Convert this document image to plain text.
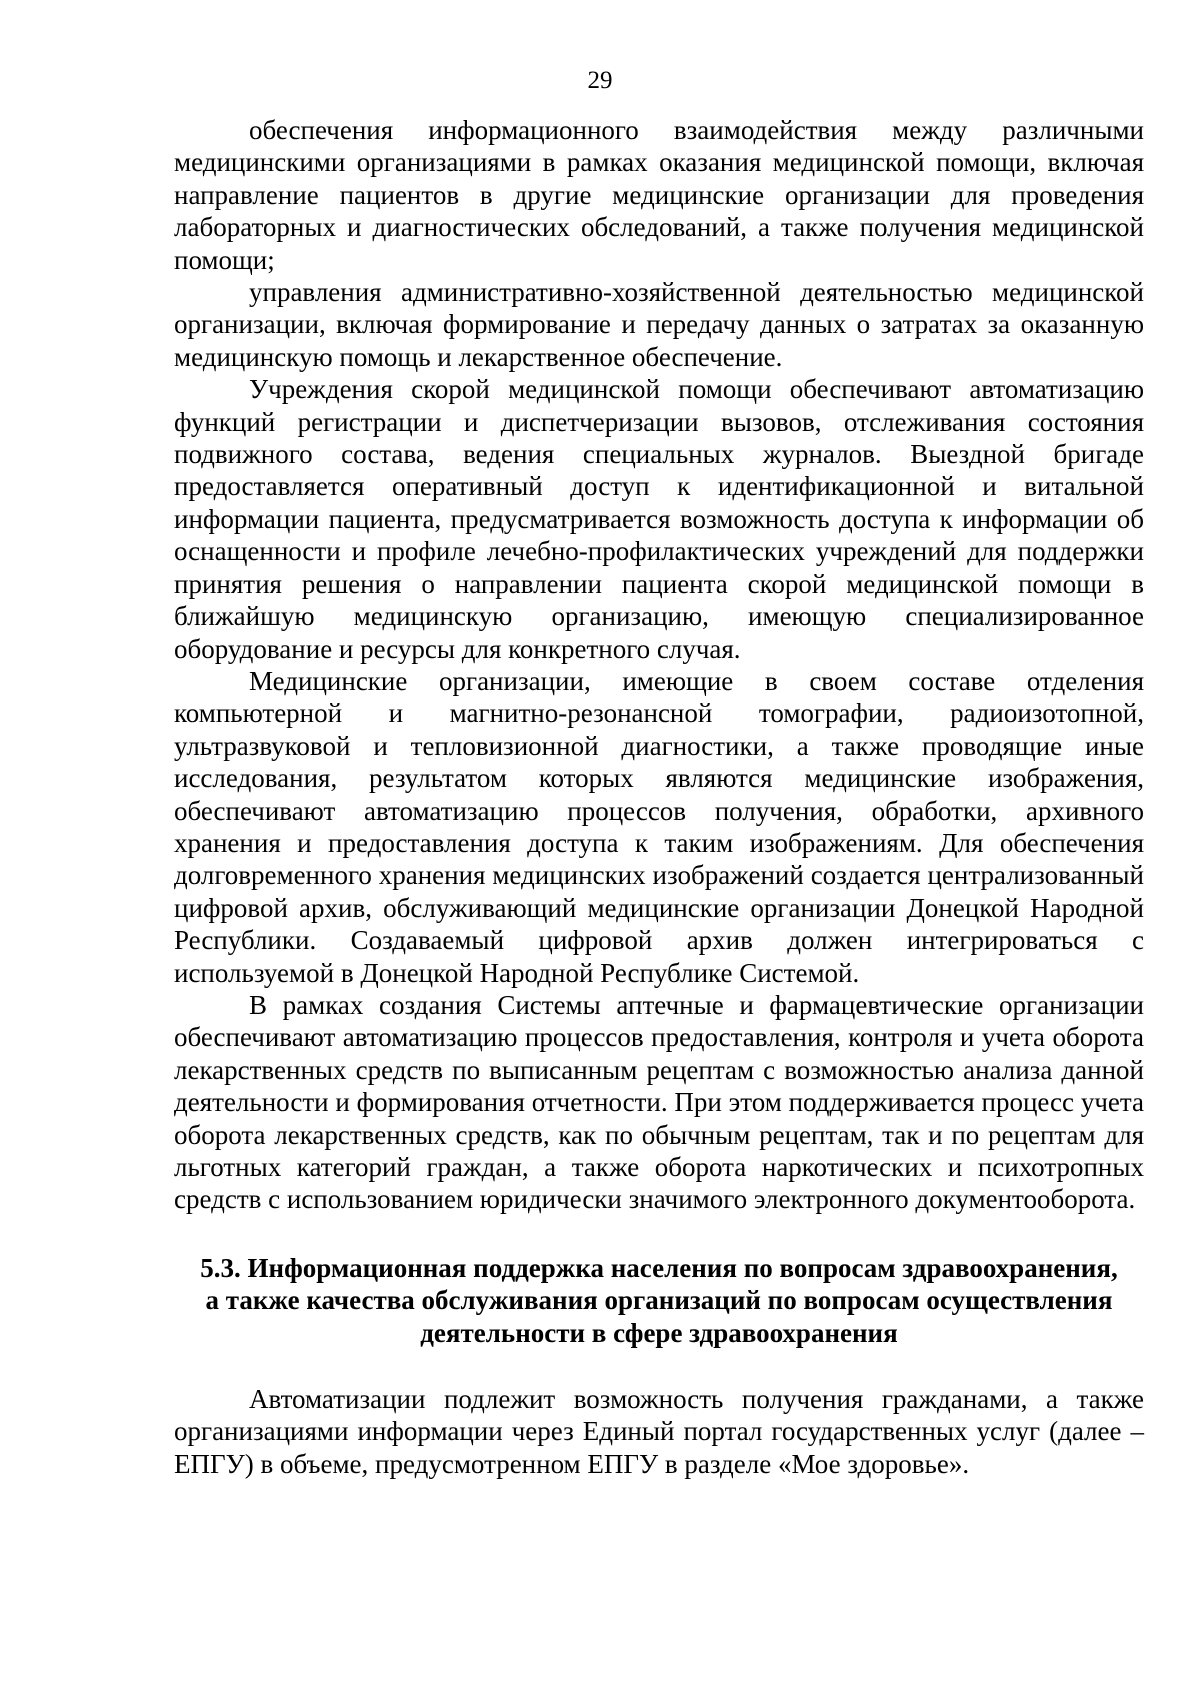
29

обеспечения информационного взаимодействия между различными медицинскими организациями в рамках оказания медицинской помощи, включая направление пациентов в другие медицинские организации для проведения лабораторных и диагностических обследований, а также получения медицинской помощи;

управления административно-хозяйственной деятельностью медицинской организации, включая формирование и передачу данных о затратах за оказанную медицинскую помощь и лекарственное обеспечение.

Учреждения скорой медицинской помощи обеспечивают автоматизацию функций регистрации и диспетчеризации вызовов, отслеживания состояния подвижного состава, ведения специальных журналов. Выездной бригаде предоставляется оперативный доступ к идентификационной и витальной информации пациента, предусматривается возможность доступа к информации об оснащенности и профиле лечебно-профилактических учреждений для поддержки принятия решения о направлении пациента скорой медицинской помощи в ближайшую медицинскую организацию, имеющую специализированное оборудование и ресурсы для конкретного случая.

Медицинские организации, имеющие в своем составе отделения компьютерной и магнитно-резонансной томографии, радиоизотопной, ультразвуковой и тепловизионной диагностики, а также проводящие иные исследования, результатом которых являются медицинские изображения, обеспечивают автоматизацию процессов получения, обработки, архивного хранения и предоставления доступа к таким изображениям. Для обеспечения долговременного хранения медицинских изображений создается централизованный цифровой архив, обслуживающий медицинские организации Донецкой Народной Республики. Создаваемый цифровой архив должен интегрироваться с используемой в Донецкой Народной Республике Системой.

В рамках создания Системы аптечные и фармацевтические организации обеспечивают автоматизацию процессов предоставления, контроля и учета оборота лекарственных средств по выписанным рецептам с возможностью анализа данной деятельности и формирования отчетности. При этом поддерживается процесс учета оборота лекарственных средств, как по обычным рецептам, так и по рецептам для льготных категорий граждан, а также оборота наркотических и психотропных средств с использованием юридически значимого электронного документооборота.

5.3. Информационная поддержка населения по вопросам здравоохранения,
а также качества обслуживания организаций по вопросам осуществления
деятельности в сфере здравоохранения

Автоматизации подлежит возможность получения гражданами, а также организациями информации через Единый портал государственных услуг (далее – ЕПГУ) в объеме, предусмотренном ЕПГУ в разделе «Мое здоровье».
